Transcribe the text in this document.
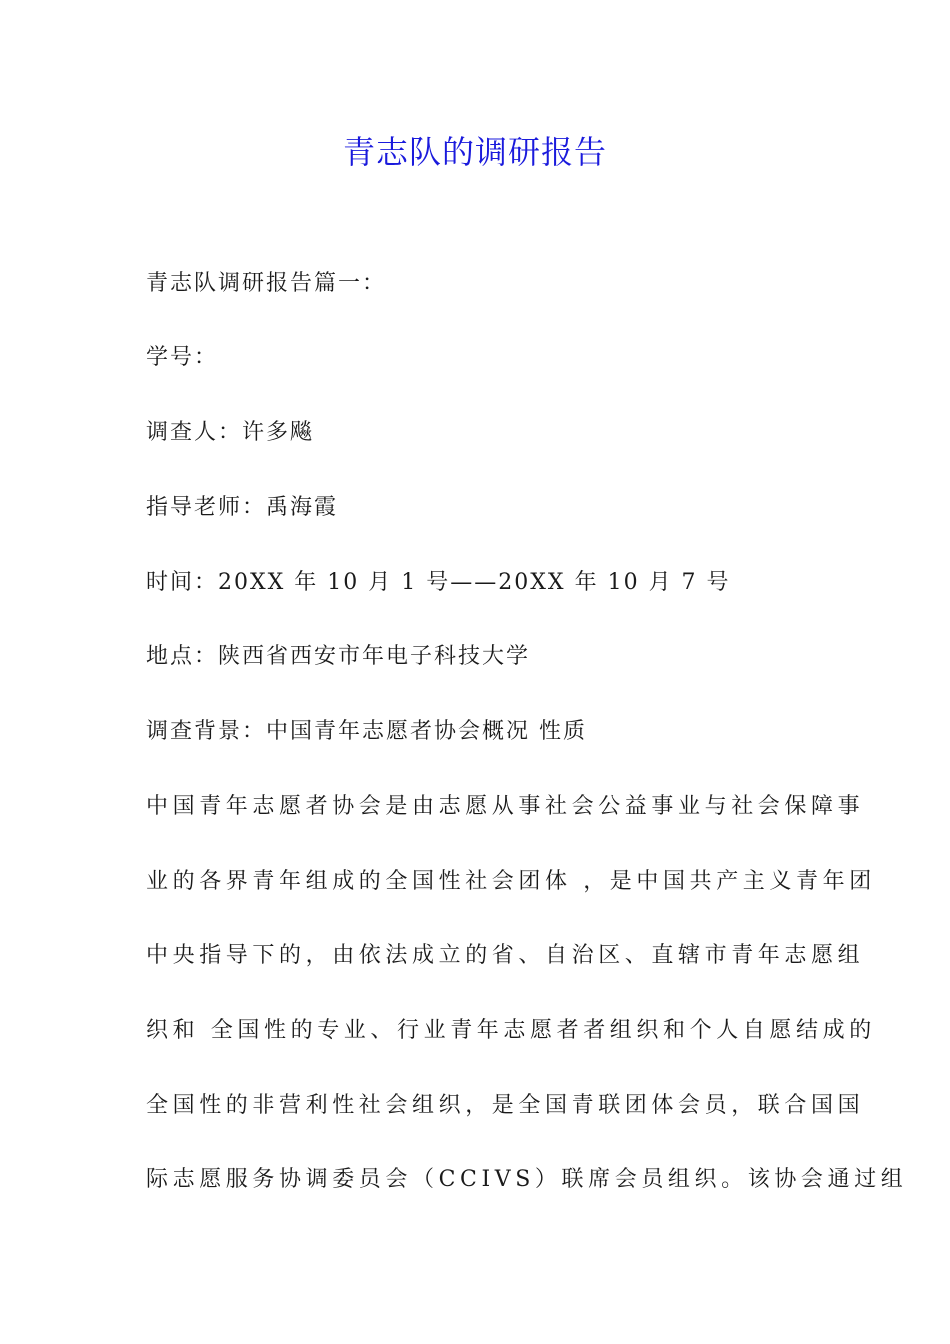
青志队的调研报告
青志队调研报告篇一：
学号：
调查人：许多飚
指导老师：禹海霞
时间：20XX 年 10 月 1 号——20XX 年 10 月 7 号
地点：陕西省西安市年电子科技大学
调查背景：中国青年志愿者协会概况 性质
中国青年志愿者协会是由志愿从事社会公益事业与社会保障事
业的各界青年组成的全国性社会团体 ，是中国共产主义青年团
中央指导下的，由依法成立的省、自治区、直辖市青年志愿组
织和 全国性的专业、行业青年志愿者者组织和个人自愿结成的
全国性的非营利性社会组织，是全国青联团体会员，联合国国
际志愿服务协调委员会（CCIVS）联席会员组织。该协会通过组
